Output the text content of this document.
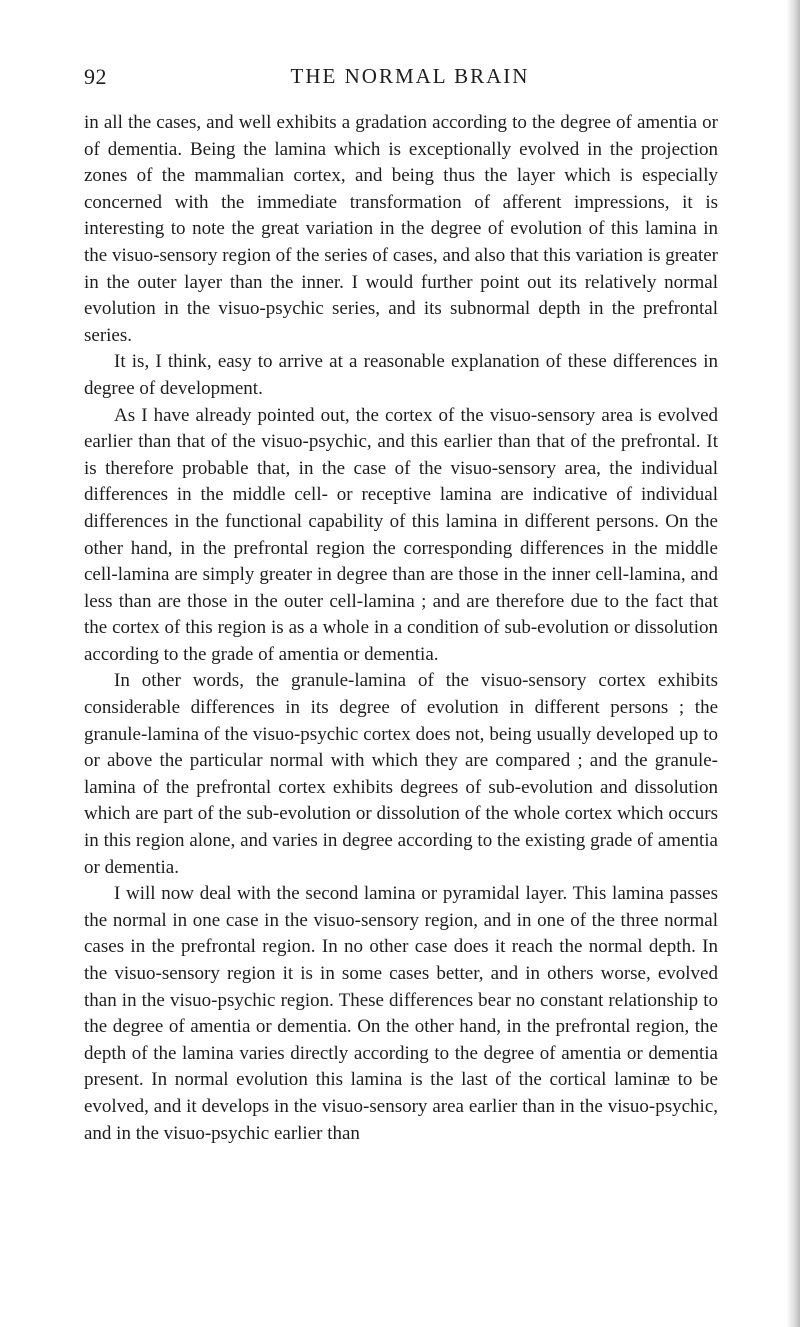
92	THE NORMAL BRAIN

in all the cases, and well exhibits a gradation according to the degree of amentia or of dementia. Being the lamina which is exceptionally evolved in the projection zones of the mammalian cortex, and being thus the layer which is especially concerned with the immediate transformation of afferent impressions, it is interesting to note the great variation in the degree of evolution of this lamina in the visuo-sensory region of the series of cases, and also that this variation is greater in the outer layer than the inner. I would further point out its relatively normal evolution in the visuo-psychic series, and its subnormal depth in the prefrontal series.

It is, I think, easy to arrive at a reasonable explanation of these differences in degree of development.

As I have already pointed out, the cortex of the visuo-sensory area is evolved earlier than that of the visuo-psychic, and this earlier than that of the prefrontal. It is therefore probable that, in the case of the visuo-sensory area, the individual differences in the middle cell- or receptive lamina are indicative of individual differences in the functional capability of this lamina in different persons. On the other hand, in the prefrontal region the corresponding differences in the middle cell-lamina are simply greater in degree than are those in the inner cell-lamina, and less than are those in the outer cell-lamina ; and are therefore due to the fact that the cortex of this region is as a whole in a condition of sub-evolution or dissolution according to the grade of amentia or dementia.

In other words, the granule-lamina of the visuo-sensory cortex exhibits considerable differences in its degree of evolution in different persons ; the granule-lamina of the visuo-psychic cortex does not, being usually developed up to or above the particular normal with which they are compared ; and the granule-lamina of the prefrontal cortex exhibits degrees of sub-evolution and dissolution which are part of the sub-evolution or dissolution of the whole cortex which occurs in this region alone, and varies in degree according to the existing grade of amentia or dementia.

I will now deal with the second lamina or pyramidal layer. This lamina passes the normal in one case in the visuo-sensory region, and in one of the three normal cases in the prefrontal region. In no other case does it reach the normal depth. In the visuo-sensory region it is in some cases better, and in others worse, evolved than in the visuo-psychic region. These differences bear no constant relationship to the degree of amentia or dementia. On the other hand, in the prefrontal region, the depth of the lamina varies directly according to the degree of amentia or dementia present. In normal evolution this lamina is the last of the cortical laminæ to be evolved, and it develops in the visuo-sensory area earlier than in the visuo-psychic, and in the visuo-psychic earlier than
